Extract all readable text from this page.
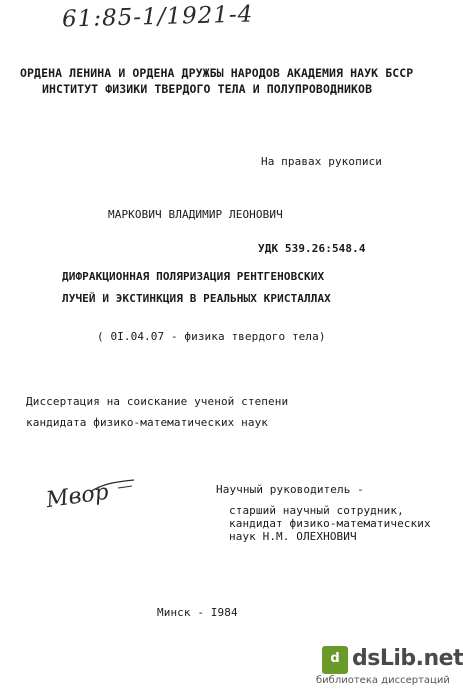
61:85-1/1921-4
ОРДЕНА ЛЕНИНА И ОРДЕНА ДРУЖБЫ НАРОДОВ АКАДЕМИЯ НАУК БССР
ИНСТИТУТ ФИЗИКИ ТВЕРДОГО ТЕЛА И ПОЛУПРОВОДНИКОВ
На правах рукописи
МАРКОВИЧ ВЛАДИМИР ЛЕОНОВИЧ
УДК 539.26:548.4
ДИФРАКЦИОННАЯ ПОЛЯРИЗАЦИЯ РЕНТГЕНОВСКИХ
ЛУЧЕЙ И ЭКСТИНКЦИЯ В РЕАЛЬНЫХ КРИСТАЛЛАХ
( 0I.04.07 - физика твердого тела)
Диссертация на соискание ученой степени
кандидата физико-математических наук
Мвор	Научный руководитель -
старший научный сотрудник,
кандидат физико-математических
наук Н.М. ОЛЕХНОВИЧ
Минск - I984
d dsLib.net
библиотека диссертаций
